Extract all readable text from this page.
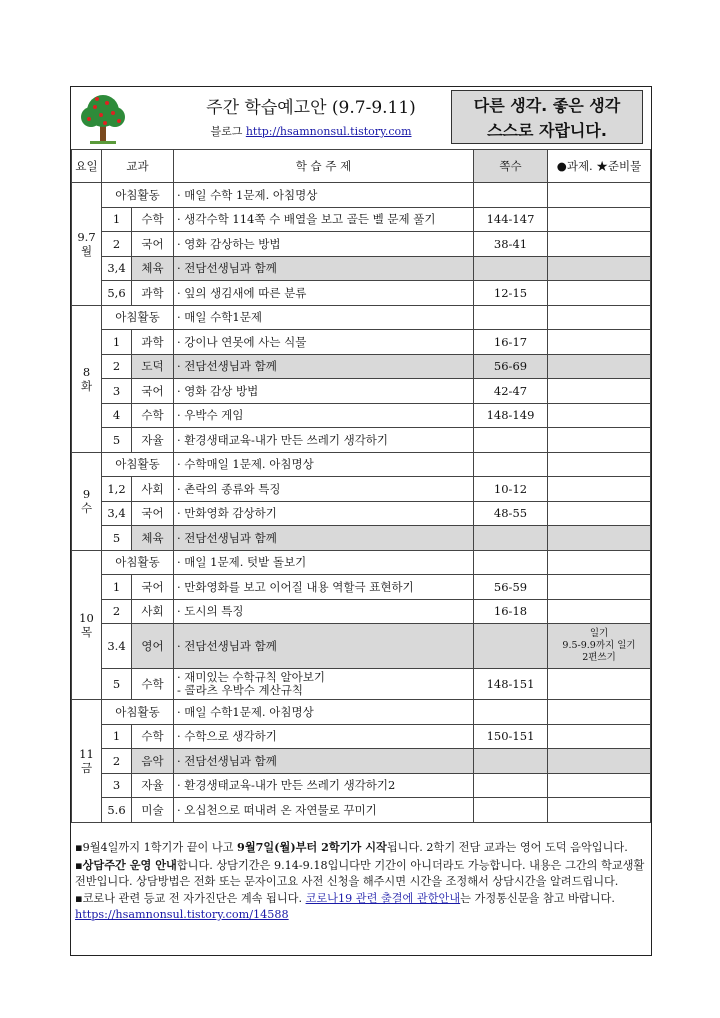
주간 학습예고안 (9.7-9.11)
블로그 http://hsamnonsul.tistory.com
다른 생각. 좋은 생각
스스로 자랍니다.
요일	교과		학 습 주 제	쪽수	●과제. ★준비물

9.7
월	아침활동		· 매일 수학 1문제. 아침명상		

	1	수학	· 생각수학 114쪽 수 배열을 보고 골든 벨 문제 풀기	144-147	
	2	국어	· 영화 감상하는 방법	38-41	
	3,4	체육	· 전담선생님과 함께		

	5,6	과학	· 잎의 생김새에 따른 분류	12-15	

8
화	아침활동		· 매일 수학1문제		

	1	과학	· 강이나 연못에 사는 식물	16-17	
	2	도덕	· 전담선생님과 함께	56-69	
	3	국어	· 영화 감상 방법	42-47	
	4	수학	· 우박수 게임	148-149	
	5	자율	· 환경생태교육-내가 만든 쓰레기 생각하기		

9
수	아침활동		· 수학매일 1문제. 아침명상		

	1,2	사회	· 촌락의 종류와 특징	10-12	
	3,4	국어	· 만화영화 감상하기	48-55	
	5	체육	· 전담선생님과 함께		

10
목	아침활동		· 매일 1문제. 텃밭 돌보기		

	1	국어	· 만화영화를 보고 이어질 내용 역할극 표현하기	56-59	
	2	사회	· 도시의 특징	16-18	
	3.4	영어	· 전담선생님과 함께		일기
9.5-9.9까지 일기
2편쓰기

	5	수학	· 재미있는 수학규칙 알아보기
- 콜라츠 우박수 계산규칙	148-151	

11
금	아침활동		· 매일 수학1문제. 아침명상		

	1	수학	· 수학으로 생각하기	150-151	
	2	음악	· 전담선생님과 함께		

	3	자율	· 환경생태교육-내가 만든 쓰레기 생각하기2		

	5.6	미술	· 오십천으로 떠내려 온 자연물로 꾸미기		

▪9월4일까지 1학기가 끝이 나고 9월7일(월)부터 2학기가 시작됩니다. 2학기 전담 교과는 영어 도덕 음악입니다.

▪상담주간 운영 안내합니다. 상담기간은 9.14-9.18입니다만 기간이 아니더라도 가능합니다. 내용은 그간의 학교생활전반입니다. 상담방법은 전화 또는 문자이고요 사전 신청을 해주시면 시간을 조정해서 상담시간을 알려드립니다.

▪코로나 관련 등교 전 자가진단은 계속 됩니다. 코로나19 관련 출결에 관한안내는 가정통신문을 참고 바랍니다. https://hsamnonsul.tistory.com/14588
